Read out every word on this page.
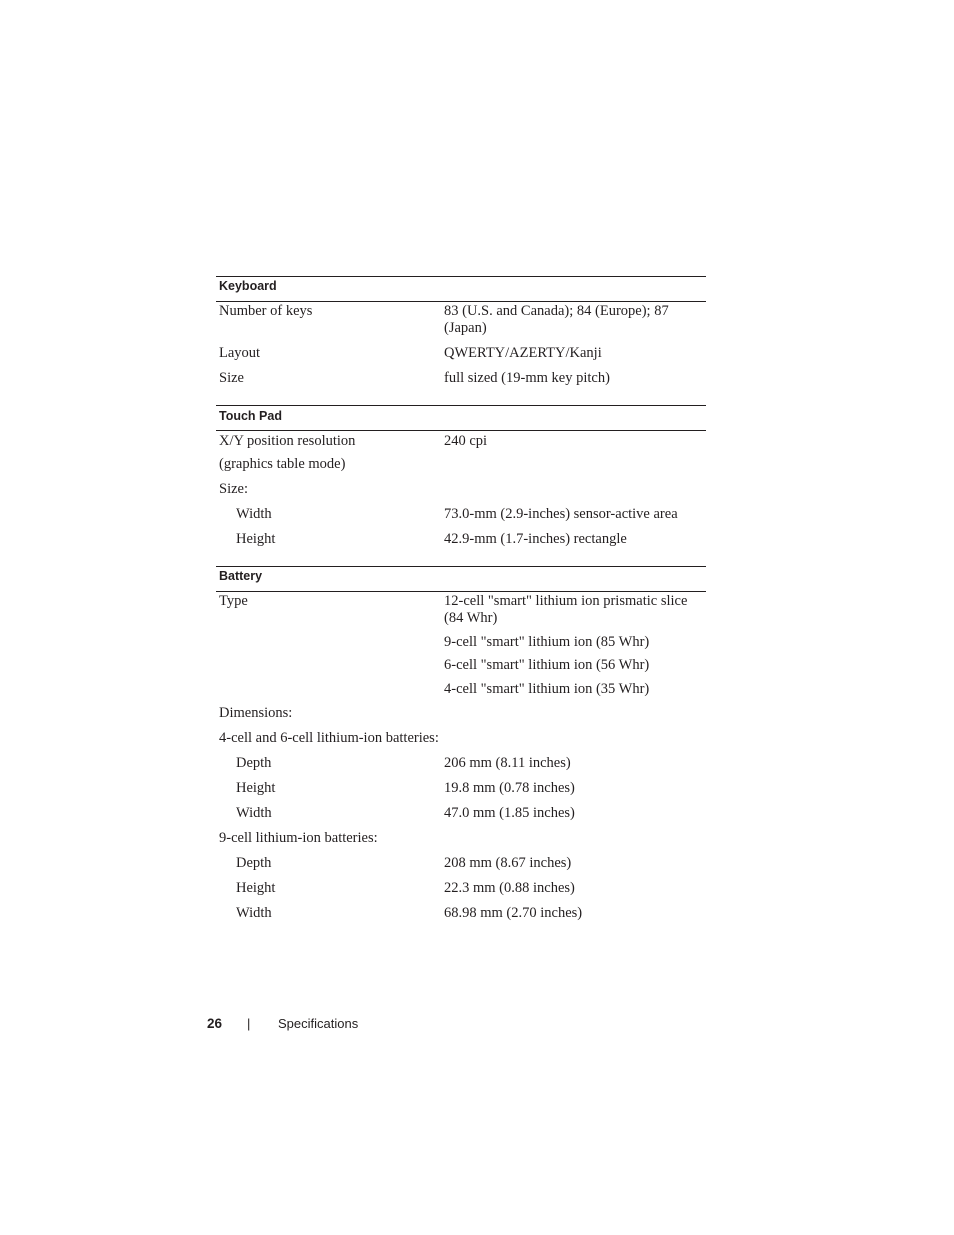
Keyboard
Number of keys	83 (U.S. and Canada); 84 (Europe); 87 (Japan)
Layout	QWERTY/AZERTY/Kanji
Size	full sized (19-mm key pitch)
Touch Pad
X/Y position resolution	240 cpi
(graphics table mode)
Size:
Width	73.0-mm (2.9-inches) sensor-active area
Height	42.9-mm (1.7-inches) rectangle
Battery
Type	12-cell "smart" lithium ion prismatic slice (84 Whr)
9-cell "smart" lithium ion (85 Whr)
6-cell "smart" lithium ion (56 Whr)
4-cell "smart" lithium ion (35 Whr)
Dimensions:
4-cell and 6-cell lithium-ion batteries:
Depth	206 mm (8.11 inches)
Height	19.8 mm (0.78 inches)
Width	47.0 mm (1.85 inches)
9-cell lithium-ion batteries:
Depth	208 mm (8.67 inches)
Height	22.3 mm (0.88 inches)
Width	68.98 mm (2.70 inches)
26 | Specifications
